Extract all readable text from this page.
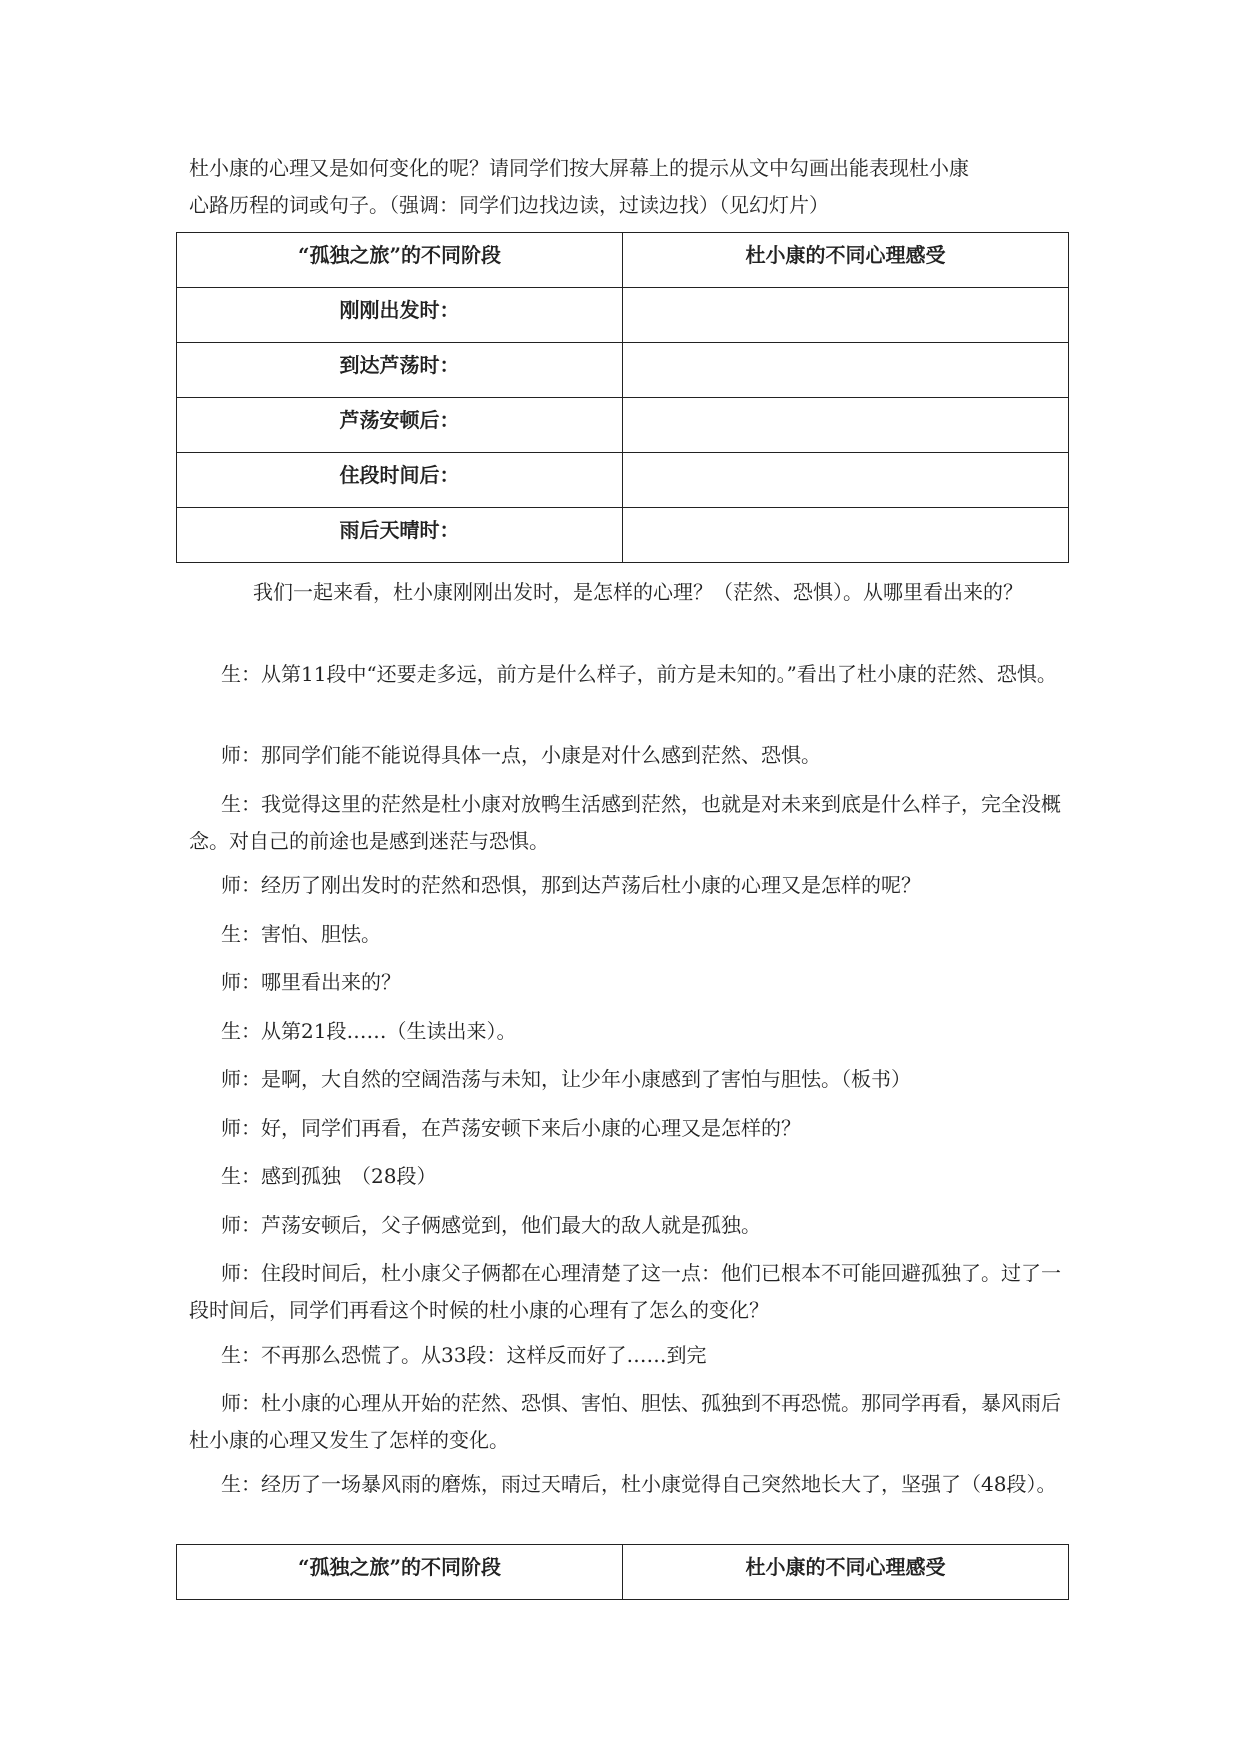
杜小康的心理又是如何变化的呢？请同学们按大屏幕上的提示从文中勾画出能表现杜小康
心路历程的词或句子。（强调：同学们边找边读，过读边找）（见幻灯片）
“孤独之旅”的不同阶段	杜小康的不同心理感受
刚刚出发时：	
到达芦荡时：	
芦荡安顿后：	
住段时间后：	
雨后天晴时：	

我们一起来看，杜小康刚刚出发时，是怎样的心理？（茫然、恐惧）。从哪里看出来的？

生：从第11段中“还要走多远，前方是什么样子，前方是未知的。”看出了杜小康的茫然、恐惧。

师：那同学们能不能说得具体一点，小康是对什么感到茫然、恐惧。

生：我觉得这里的茫然是杜小康对放鸭生活感到茫然，也就是对未来到底是什么样子，完全没概念。对自己的前途也是感到迷茫与恐惧。

师：经历了刚出发时的茫然和恐惧，那到达芦荡后杜小康的心理又是怎样的呢？

生：害怕、胆怯。

师：哪里看出来的？

生：从第21段……（生读出来）。

师：是啊，大自然的空阔浩荡与未知，让少年小康感到了害怕与胆怯。（板书）

师：好，同学们再看，在芦荡安顿下来后小康的心理又是怎样的？

生：感到孤独　（28段）

师：芦荡安顿后，父子俩感觉到，他们最大的敌人就是孤独。

师：住段时间后，杜小康父子俩都在心理清楚了这一点：他们已根本不可能回避孤独了。过了一段时间后，同学们再看这个时候的杜小康的心理有了怎么的变化？

生：不再那么恐慌了。从33段：这样反而好了……到完

师：杜小康的心理从开始的茫然、恐惧、害怕、胆怯、孤独到不再恐慌。那同学再看，暴风雨后杜小康的心理又发生了怎样的变化。

生：经历了一场暴风雨的磨炼，雨过天晴后，杜小康觉得自己突然地长大了，坚强了（48段）。

“孤独之旅”的不同阶段	杜小康的不同心理感受
